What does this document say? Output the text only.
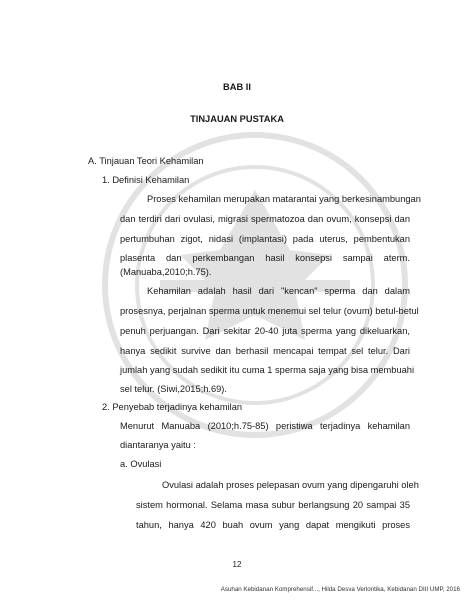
BAB II
TINJAUAN PUSTAKA
A. Tinjauan Teori Kehamilan
1. Definisi Kehamilan
Proses kehamilan merupakan matarantai yang berkesinambungan
dan terdiri dari ovulasi, migrasi spermatozoa dan ovum, konsepsi dan
pertumbuhan zigot, nidasi (implantasi) pada uterus, pembentukan
plasenta dan perkembangan hasil konsepsi sampai aterm.
(Manuaba,2010;h.75).
Kehamilan adalah hasil dari "kencan" sperma dan dalam
prosesnya, perjalnan sperma untuk menemui sel telur (ovum) betul-betul
penuh perjuangan. Dari sekitar 20-40 juta sperma yang dikeluarkan,
hanya sedikit survive dan berhasil mencapai tempat sel telur. Dari
jumlah yang sudah sedikit itu cuma 1 sperma saja yang bisa membuahi
sel telur. (Siwi,2015;h.69).
2. Penyebab terjadinya kehamilan
Menurut Manuaba (2010;h.75-85) peristiwa terjadinya kehamilan
diantaranya yaitu :
a. Ovulasi
Ovulasi adalah proses pelepasan ovum yang dipengaruhi oleh
sistem hormonal. Selama masa subur berlangsung 20 sampai 35
tahun, hanya 420 buah ovum yang dapat mengikuti proses
12
Asuhan Kebidanan Komprehensif..., Hilda Desva Verlontika, Kebidanan DIII UMP, 2016
